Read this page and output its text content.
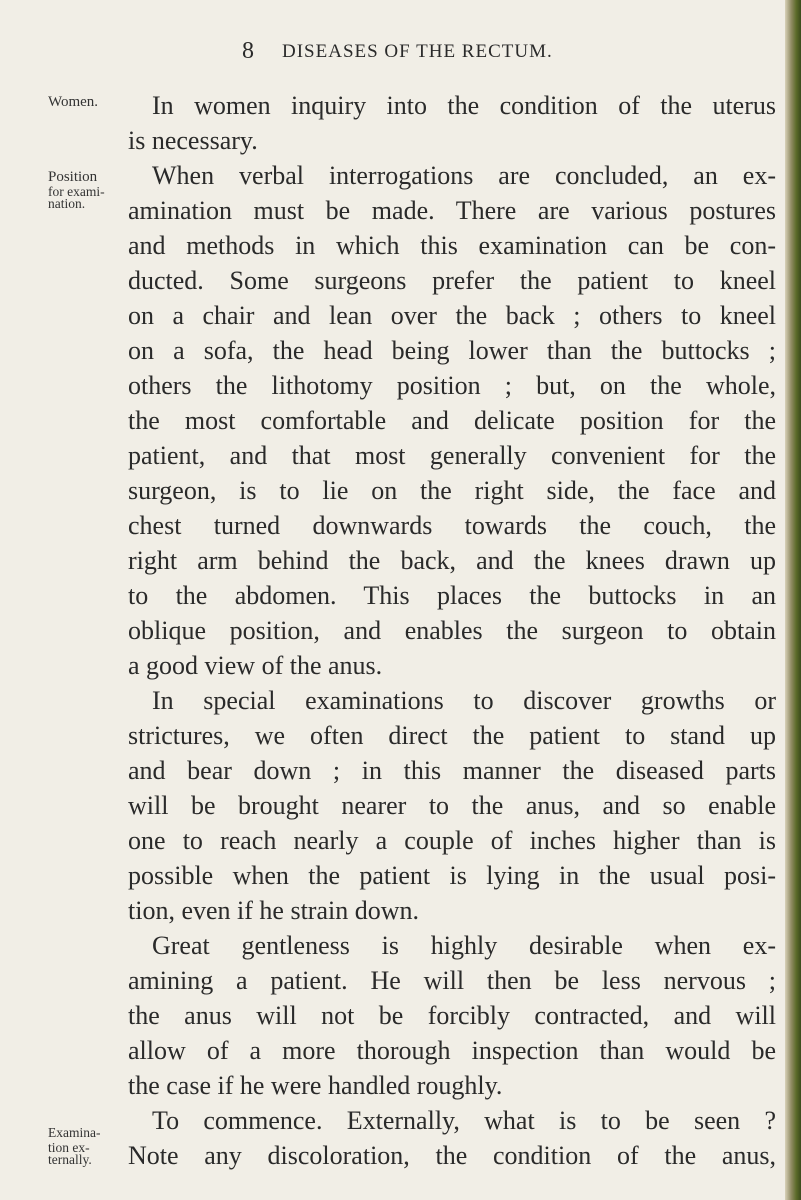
8 DISEASES OF THE RECTUM.
Women.
Position
for exami-
nation.
Examina-
tion ex-
ternally.
In women inquiry into the condition of the uterus
is necessary.
When verbal interrogations are concluded, an ex-
amination must be made. There are various postures
and methods in which this examination can be con-
ducted. Some surgeons prefer the patient to kneel
on a chair and lean over the back ; others to kneel
on a sofa, the head being lower than the buttocks ;
others the lithotomy position ; but, on the whole,
the most comfortable and delicate position for the
patient, and that most generally convenient for the
surgeon, is to lie on the right side, the face and
chest turned downwards towards the couch, the
right arm behind the back, and the knees drawn up
to the abdomen. This places the buttocks in an
oblique position, and enables the surgeon to obtain
a good view of the anus.
In special examinations to discover growths or
strictures, we often direct the patient to stand up
and bear down ; in this manner the diseased parts
will be brought nearer to the anus, and so enable
one to reach nearly a couple of inches higher than is
possible when the patient is lying in the usual posi-
tion, even if he strain down.
Great gentleness is highly desirable when ex-
amining a patient. He will then be less nervous ;
the anus will not be forcibly contracted, and will
allow of a more thorough inspection than would be
the case if he were handled roughly.
To commence. Externally, what is to be seen ?
Note any discoloration, the condition of the anus,
